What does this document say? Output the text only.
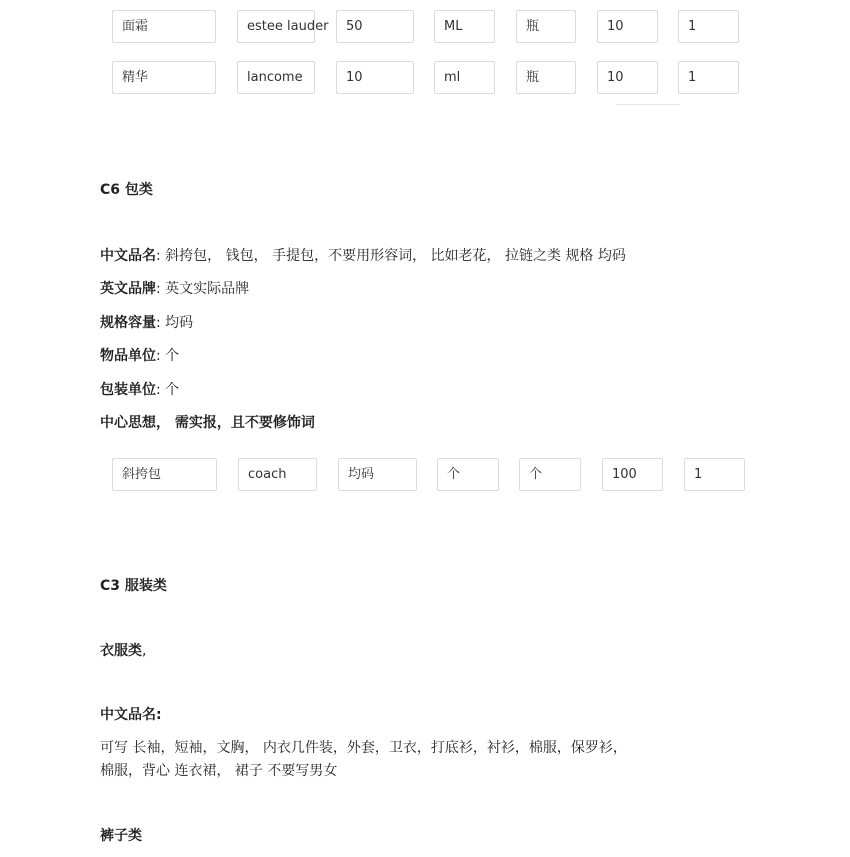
面霜	estee lauder	50	ML	瓶	10	1
精华	lancome	10	ml	瓶	10	1
C6 包类
中文品名: 斜挎包， 钱包， 手提包，不要用形容词， 比如老花， 拉链之类 规格 均码
英文品牌: 英文实际品牌
规格容量: 均码
物品单位: 个
包装单位: 个
中心思想， 需实报，且不要修饰词
斜挎包	coach	均码	个	个	100	1
C3 服装类
衣服类,
中文品名:
可写 长袖，短袖，文胸， 内衣几件装，外套，卫衣，打底衫，衬衫，棉服，保罗衫，
棉服，背心 连衣裙， 裙子 不要写男女
裤子类
